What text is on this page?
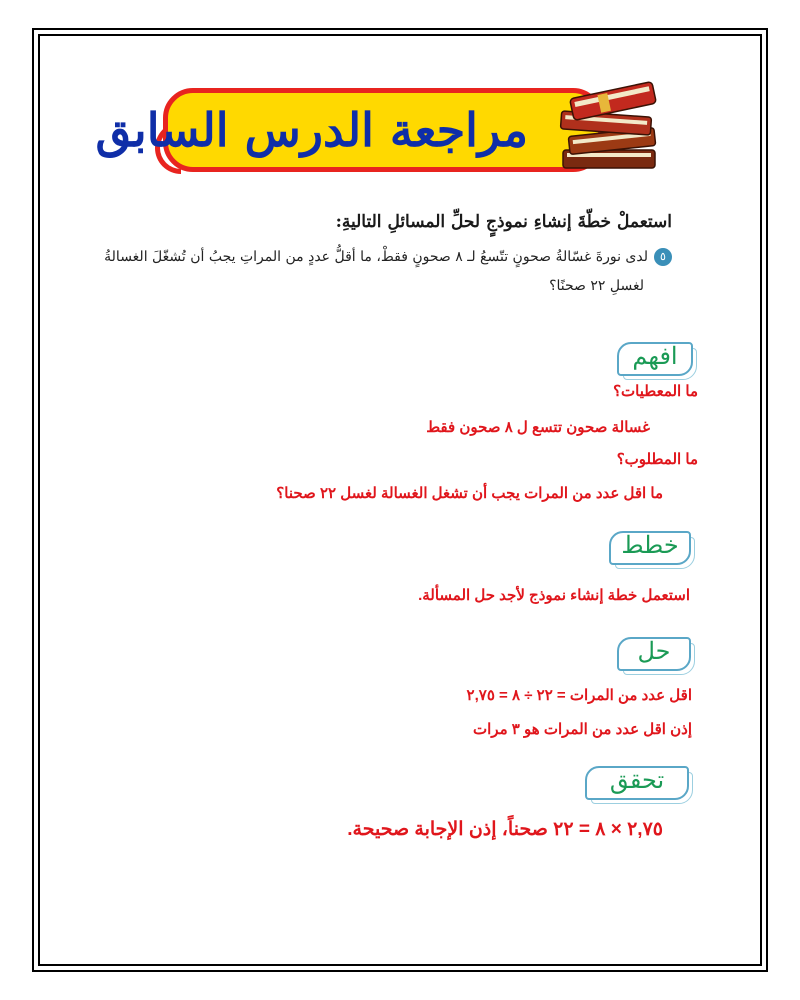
مراجعة الدرس السابق
استعملْ خطّةَ إنشاءِ نموذجٍ لحلِّ المسائلِ التاليةِ:
٥لدى نورةَ غسّالةُ صحونٍ تتّسعُ لـ ٨ صحونٍ فقطْ، ما أقلُّ عددٍ من المراتِ يجبُ أن تُشغّلَ الغسالةُ
لغسلِ ٢٢ صحنًا؟
افهم
ما المعطيات؟
غسالة صحون تتسع ل ٨ صحون فقط
ما المطلوب؟
ما اقل عدد من المرات يجب أن تشغل الغسالة لغسل ٢٢ صحنا؟
خطط
استعمل خطة إنشاء نموذج لأجد حل المسألة.
حل
اقل عدد من المرات = ٢٢ ÷ ٨ = ٢,٧٥
إذن اقل عدد من المرات هو ٣ مرات
تحقق
٢,٧٥ × ٨ = ٢٢ صحناً، إذن الإجابة صحيحة.
